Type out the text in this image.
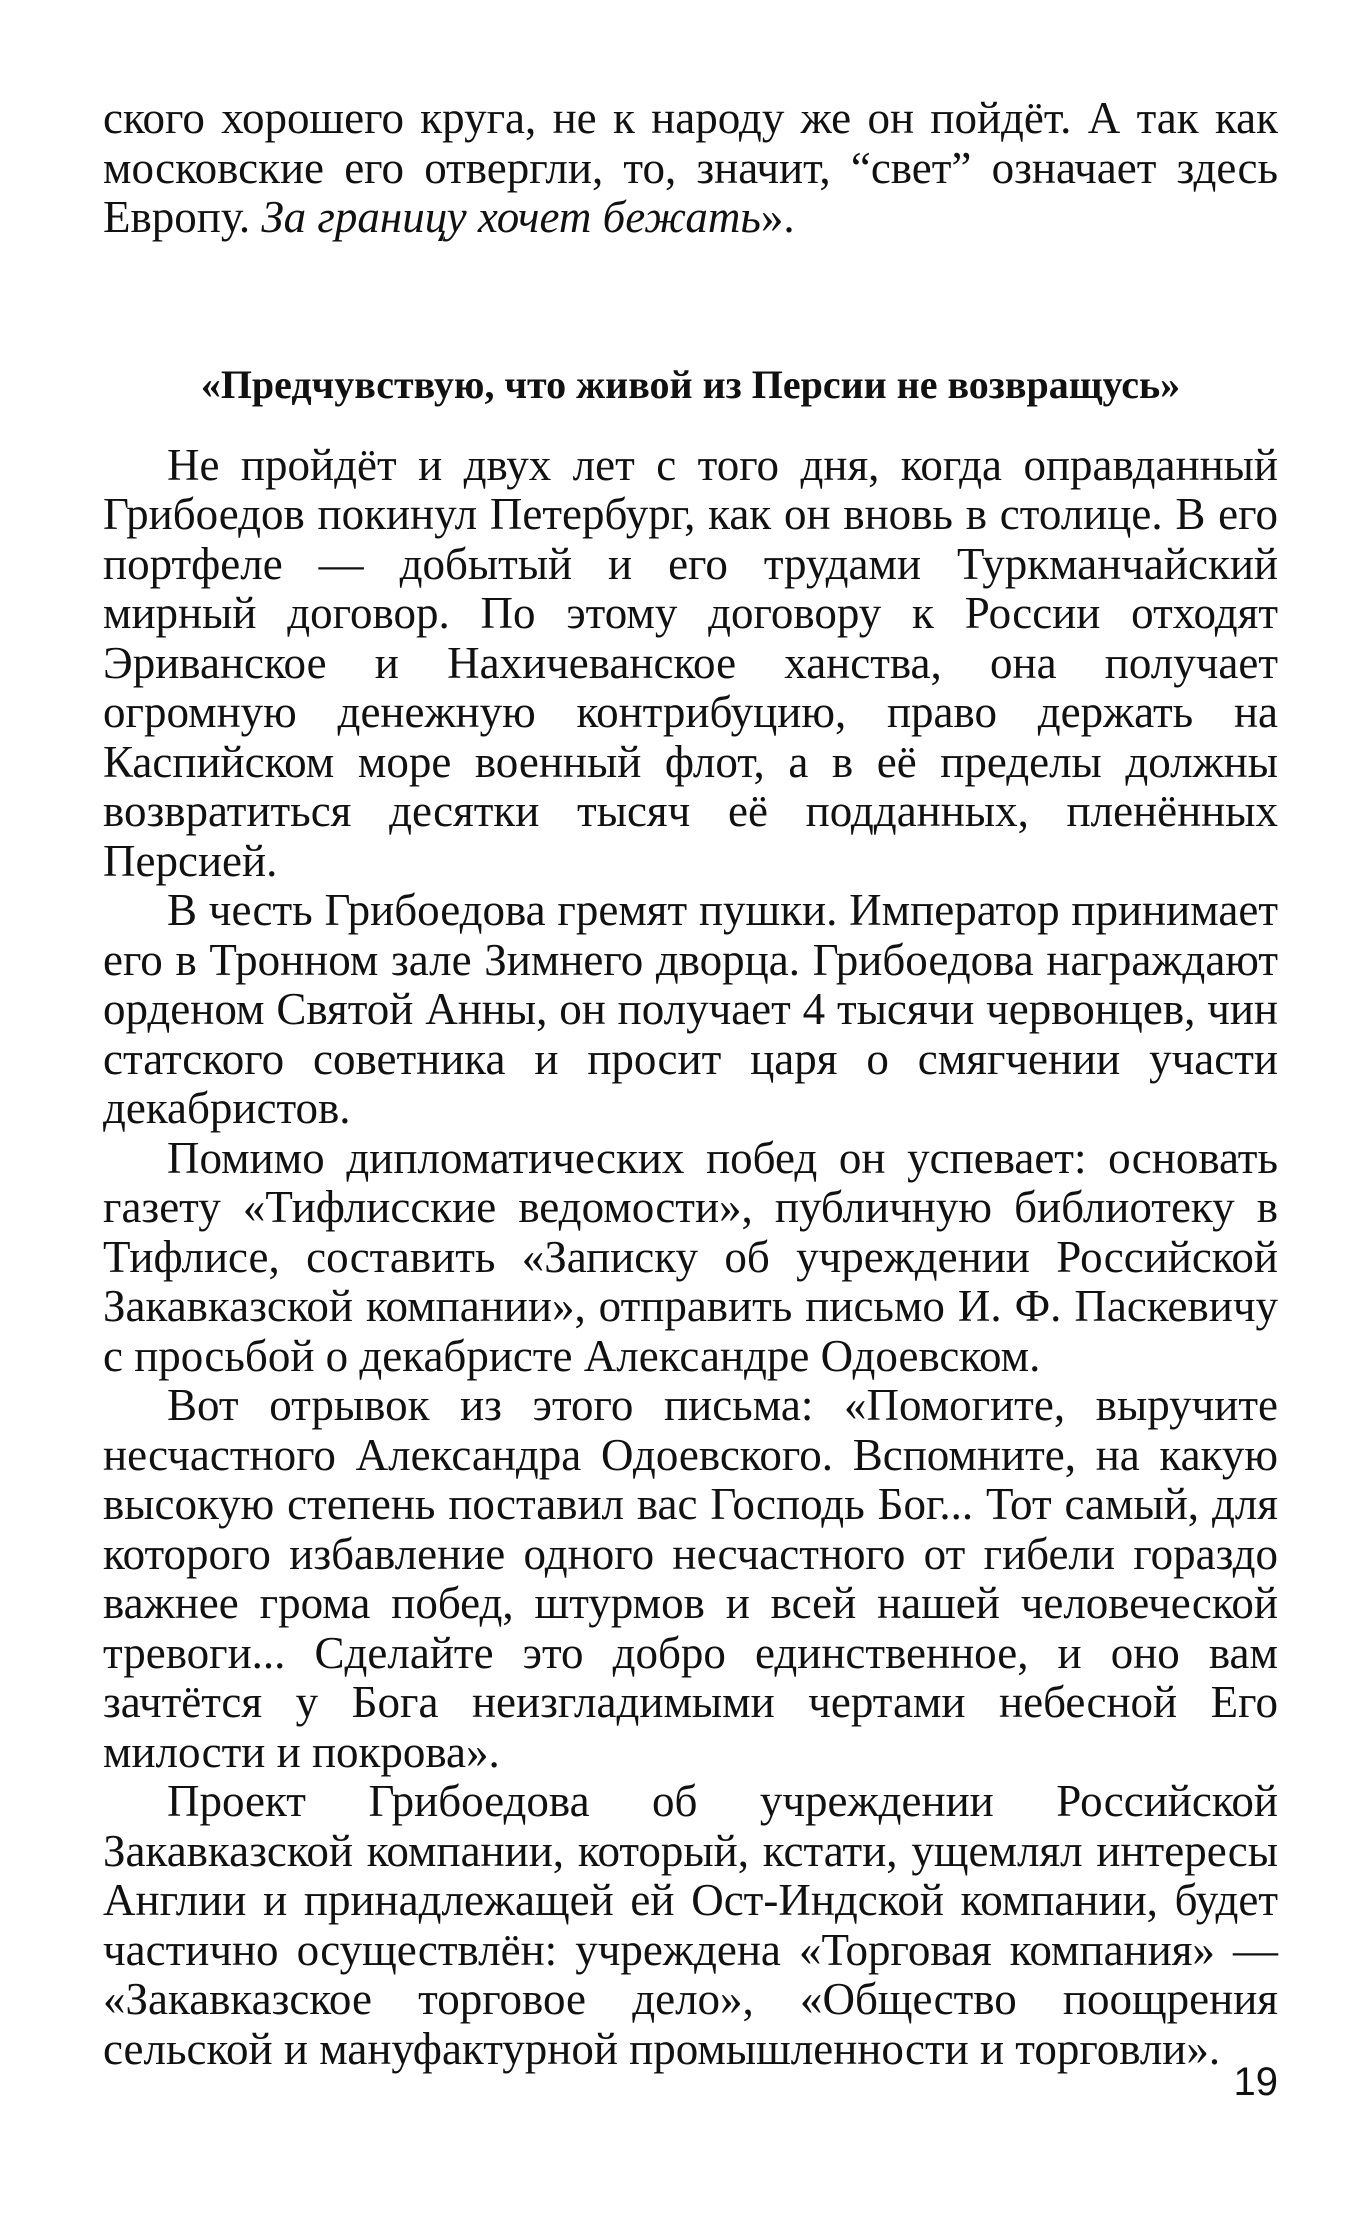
ского хорошего круга, не к народу же он пойдёт. А так как московские его отвергли, то, значит, “свет” означает здесь Европу. За границу хочет бежать».

«Предчувствую, что живой из Персии не возвращусь»

Не пройдёт и двух лет с того дня, когда оправданный Грибоедов покинул Петербург, как он вновь в столице. В его портфеле — добытый и его трудами Туркманчайский мирный договор. По этому договору к России отходят Эриванское и Нахичеванское ханства, она получает огромную денежную контрибуцию, право держать на Каспийском море военный флот, а в её пределы должны возвратиться десятки тысяч её подданных, пленённых Персией.

В честь Грибоедова гремят пушки. Император принимает его в Тронном зале Зимнего дворца. Грибоедова награждают орденом Святой Анны, он получает 4 тысячи червонцев, чин статского советника и просит царя о смягчении участи декабристов.

Помимо дипломатических побед он успевает: основать газету «Тифлисские ведомости», публичную библиотеку в Тифлисе, составить «Записку об учреждении Российской Закавказской компании», отправить письмо И. Ф. Паскевичу с просьбой о декабристе Александре Одоевском.

Вот отрывок из этого письма: «Помогите, выручите несчастного Александра Одоевского. Вспомните, на какую высокую степень поставил вас Господь Бог... Тот самый, для которого избавление одного несчастного от гибели гораздо важнее грома побед, штурмов и всей нашей человеческой тревоги... Сделайте это добро единственное, и оно вам зачтётся у Бога неизгладимыми чертами небесной Его милости и покрова».

Проект Грибоедова об учреждении Российской Закавказской компании, который, кстати, ущемлял интересы Англии и принадлежащей ей Ост-Индской компании, будет частично осуществлён: учреждена «Торговая компания» — «Закавказское торговое дело», «Общество поощрения сельской и мануфактурной промышленности и торговли».

19
